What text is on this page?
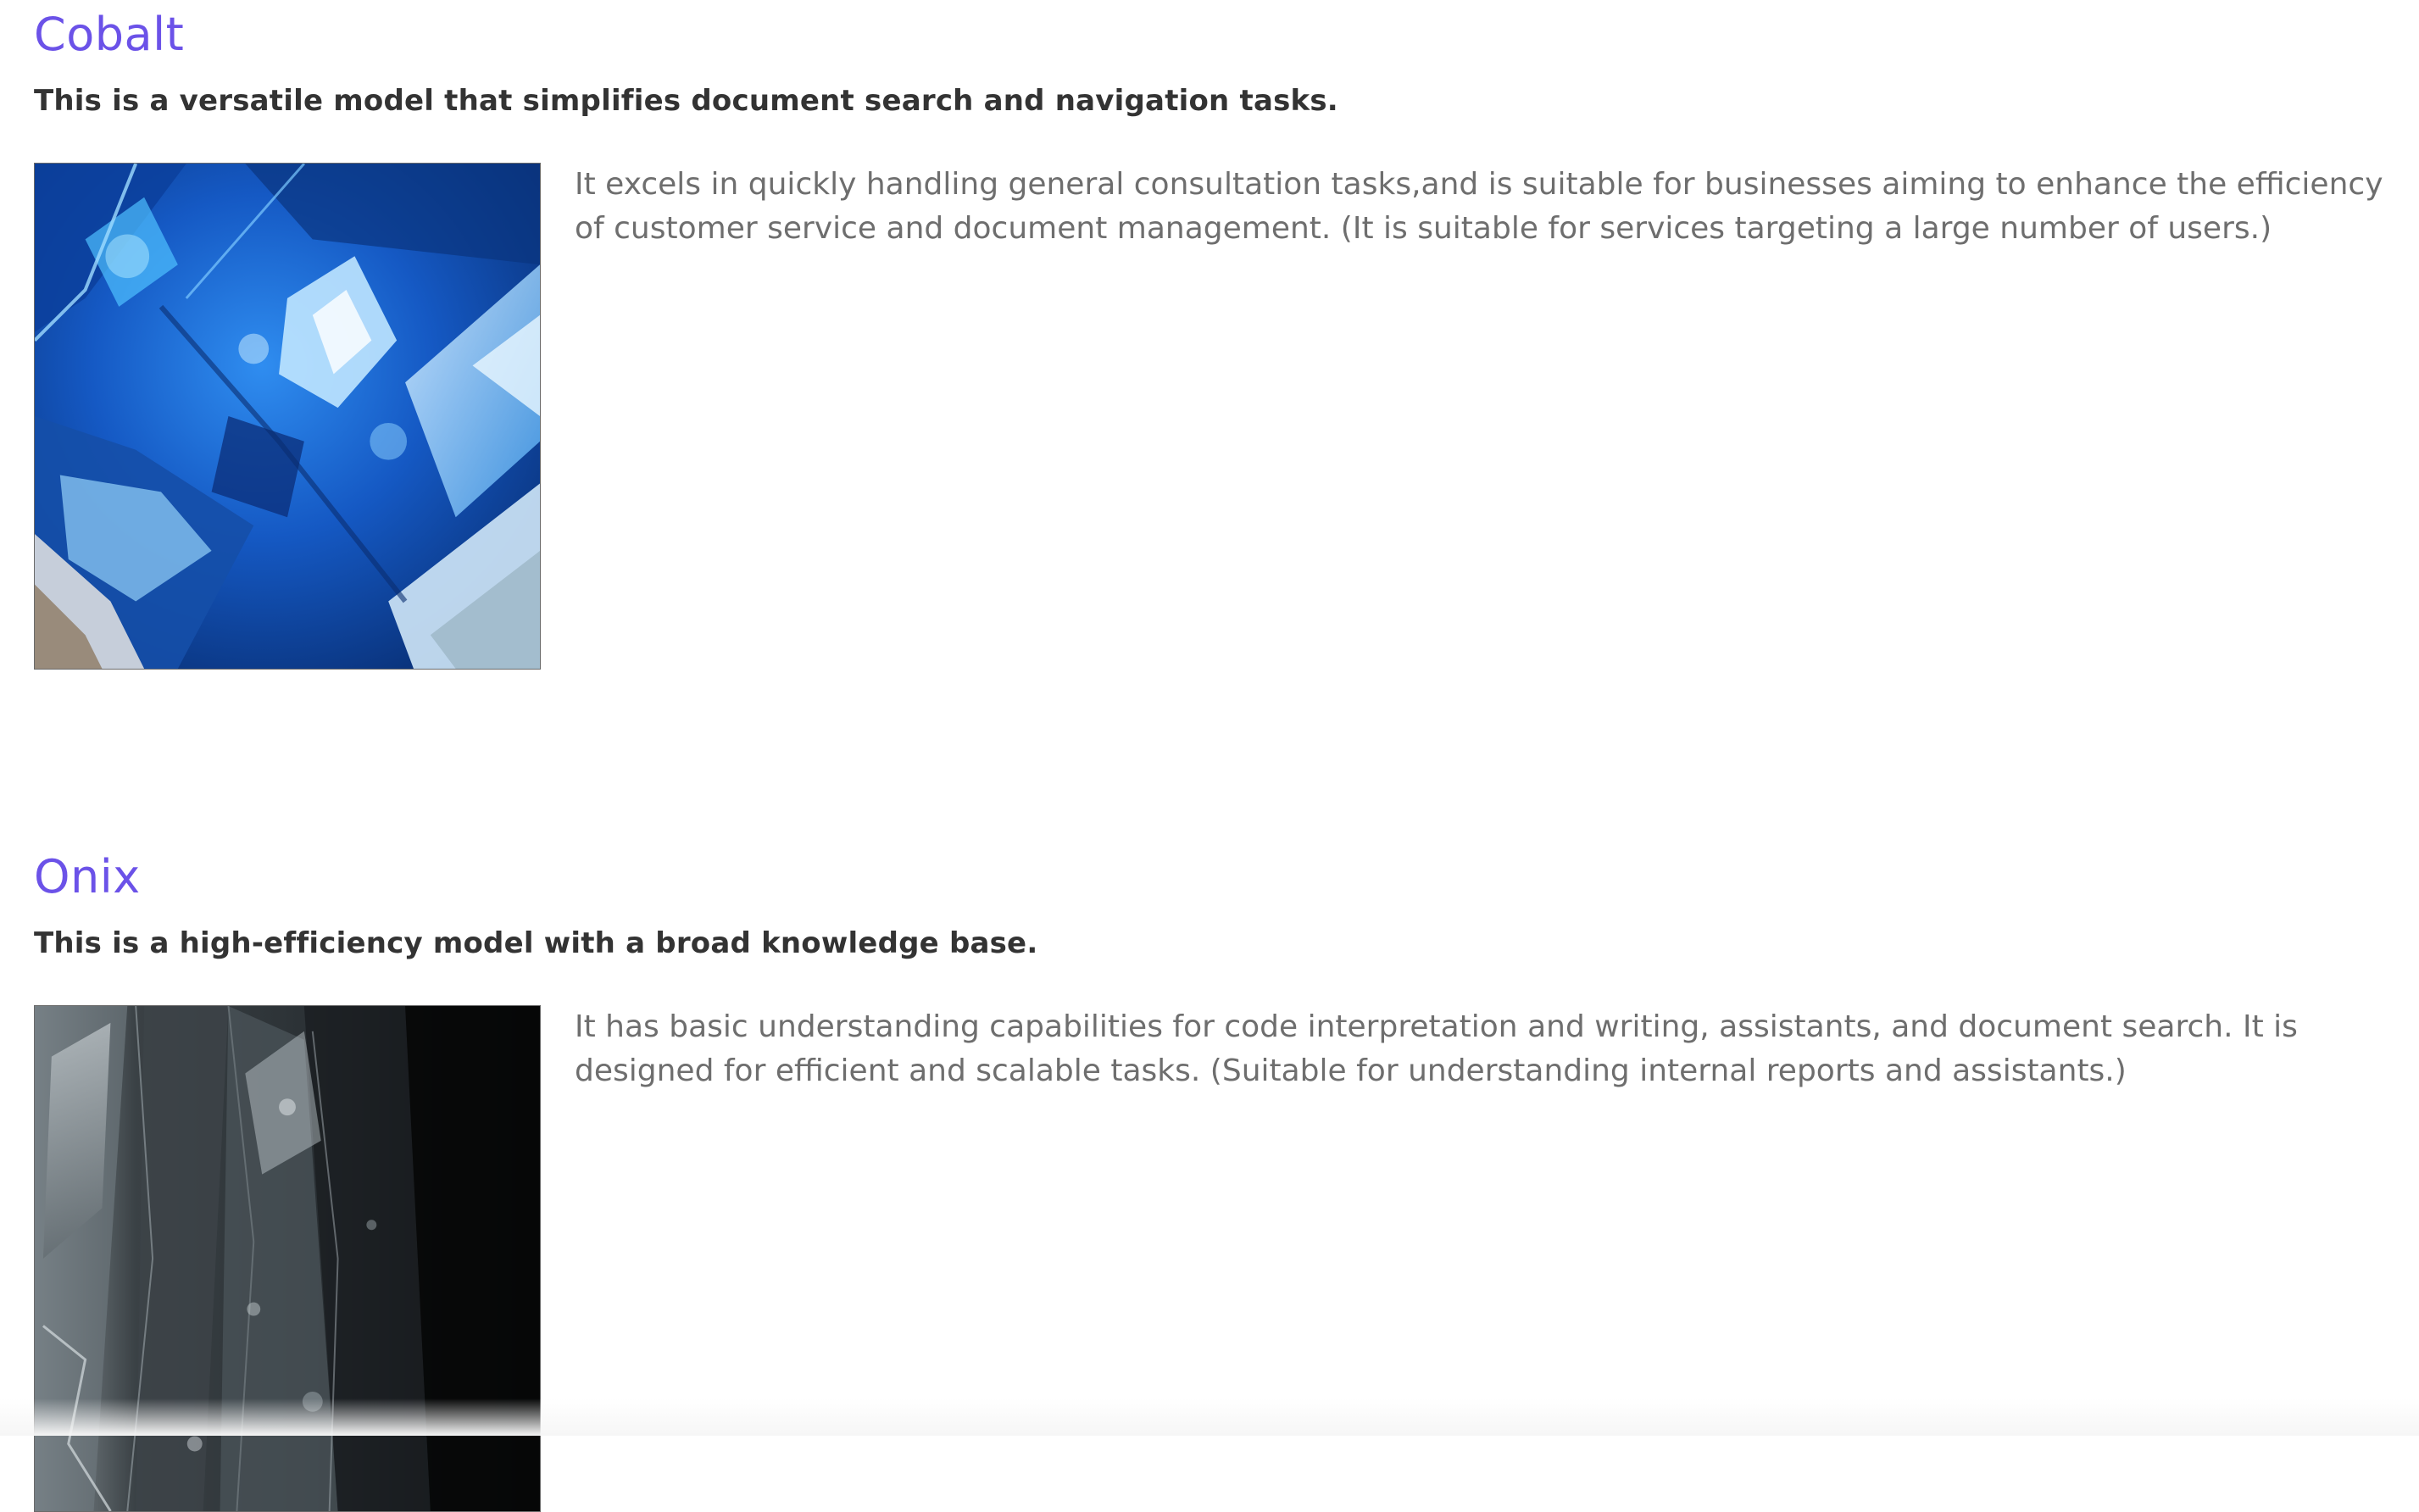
Cobalt

This is a versatile model that simplifies document search and navigation tasks.

It excels in quickly handling general consultation tasks,and is suitable for businesses aiming to enhance the efficiency of customer service and document management. (It is suitable for services targeting a large number of users.)

Onix

This is a high-efficiency model with a broad knowledge base.

It has basic understanding capabilities for code interpretation and writing, assistants, and document search. It is designed for efficient and scalable tasks. (Suitable for understanding internal reports and assistants.)
